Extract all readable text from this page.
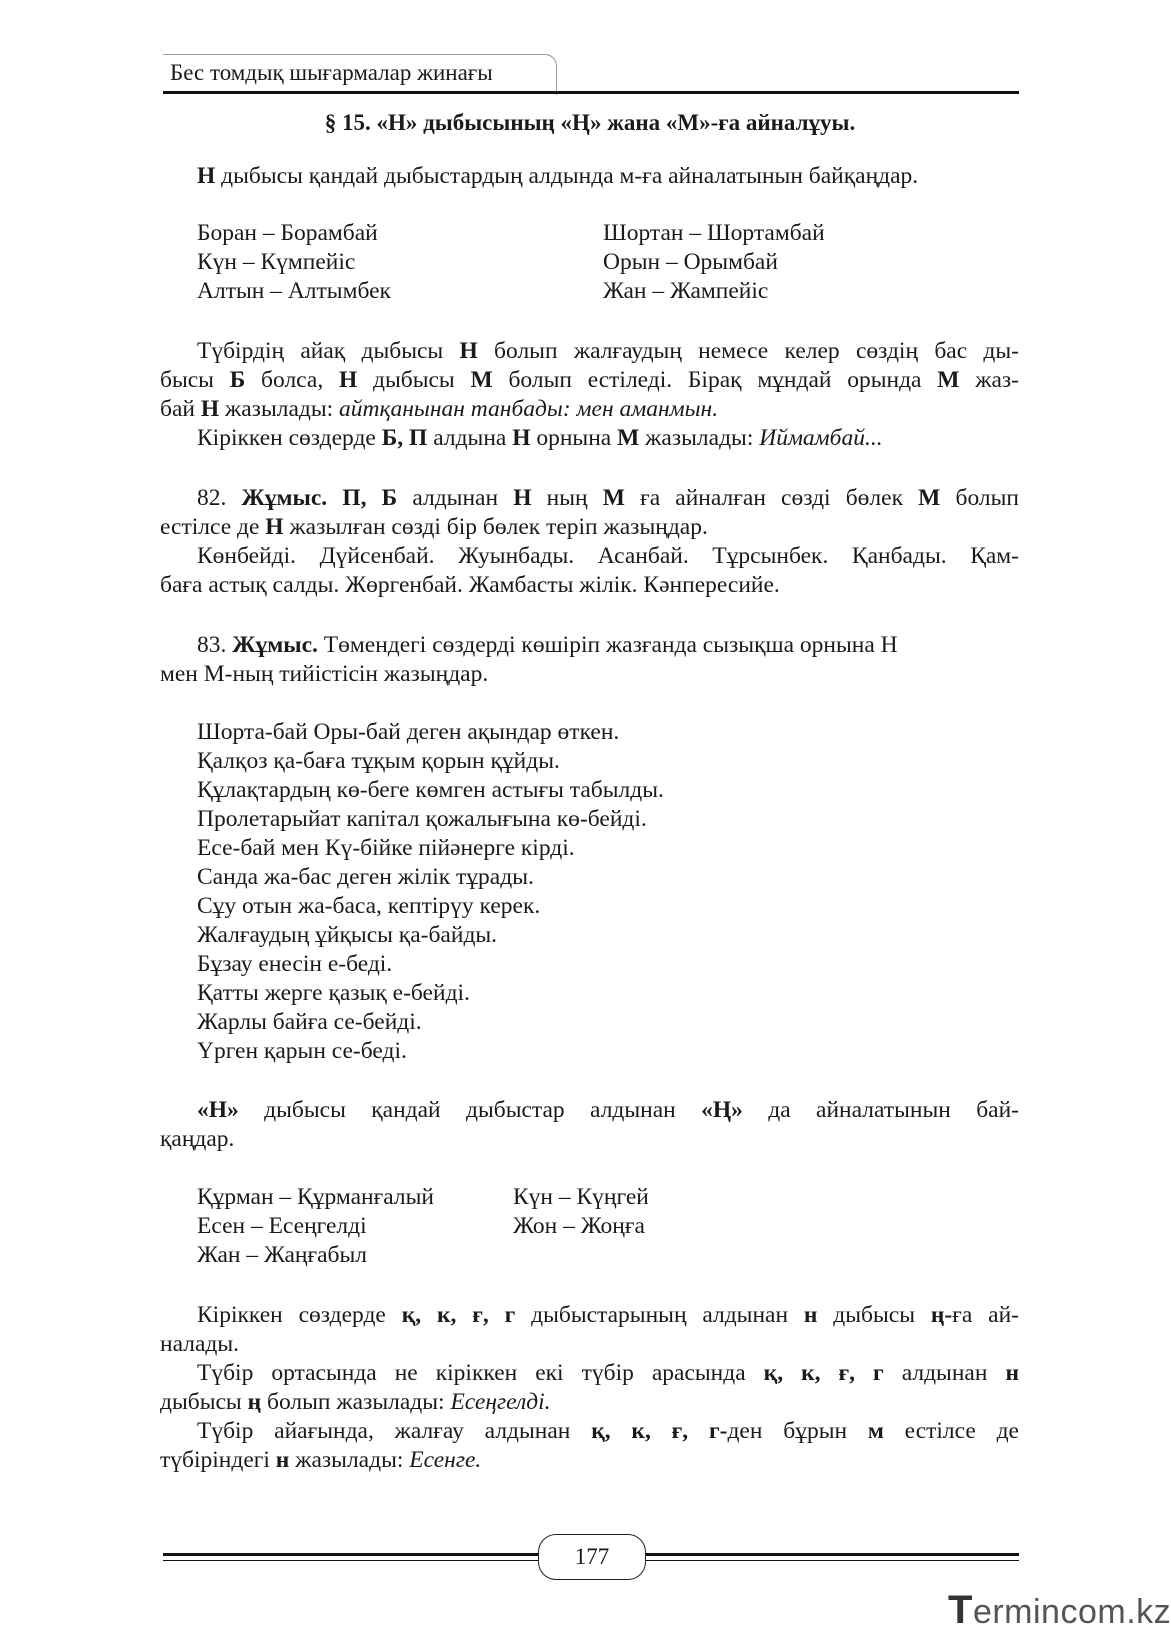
Бес томдық шығармалар жинағы
§ 15. «Н» дыбысының «Ң» жана «М»-ға айналұуы.
Н дыбысы қандай дыбыстардың алдында м-ға айналатынын байқаңдар.
Боран – Борамбай	Шортан – Шортамбай
Күн – Күмпейіс	Орын – Орымбай
Алтын – Алтымбек	Жан – Жампейіс
Түбірдің айақ дыбысы Н болып жалғаудың немесе келер сөздің бас ды-
бысы Б болса, Н дыбысы М болып естіледі. Бірақ мұндай орында М жаз-
бай Н жазылады: айтқанынан танбады: мен аманмын.
Кіріккен сөздерде Б, П алдына Н орнына М жазылады: Иймамбай...
82. Жұмыс. П, Б алдынан Н ның М ға айналған сөзді бөлек М болып
естілсе де Н жазылған сөзді бір бөлек теріп жазыңдар.
Көнбейді. Дүйсенбай. Жуынбады. Асанбай. Тұрсынбек. Қанбады. Қам-
баға астық салды. Жөргенбай. Жамбасты жілік. Кәнпересийе.
83. Жұмыс. Төмендегі сөздерді көшіріп жазғанда сызықша орнына Н
мен М-ның тийістісін жазыңдар.
Шорта-бай Оры-бай деген ақындар өткен.
Қалқоз қа-баға тұқым қорын құйды.
Құлақтардың кө-беге көмген астығы табылды.
Пролетарыйат капітал қожалығына кө-бейді.
Есе-бай мен Кү-бійке пійәнерге кірді.
Санда жа-бас деген жілік тұрады.
Сұу отын жа-баса, кептірүу керек.
Жалғаудың ұйқысы қа-байды.
Бұзау енесін е-беді.
Қатты жерге қазық е-бейді.
Жарлы байға се-бейді.
Үрген қарын се-беді.
«Н» дыбысы қандай дыбыстар алдынан «Ң» да айналатынын бай-
қаңдар.
Құрман – Құрманғалый	Күн – Күңгей
Есен – Есеңгелді	Жон – Жоңға
Жан – Жаңғабыл
Кіріккен сөздерде қ, к, ғ, г дыбыстарының алдынан н дыбысы ң-ға ай-
налады.
Түбір ортасында не кіріккен екі түбір арасында қ, к, ғ, г алдынан н
дыбысы ң болып жазылады: Есеңгелді.
Түбір айағында, жалғау алдынан қ, к, ғ, г-ден бұрын м естілсе де
түбіріндегі н жазылады: Есенге.
177
Termincоm.kz
